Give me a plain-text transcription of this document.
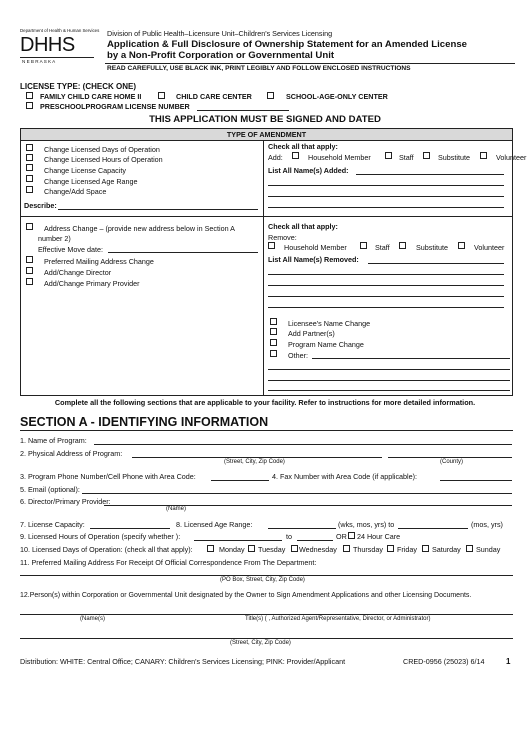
Department of Health & Human Services
DHHS
N E B R A S K A
Division of Public Health–Licensure Unit–Children's Services Licensing
Application & Full Disclosure of Ownership Statement for an Amended License
by a Non-Profit Corporation or Governmental Unit
READ CAREFULLY, USE BLACK INK, PRINT LEGIBLY AND FOLLOW ENCLOSED INSTRUCTIONS
LICENSE TYPE: (CHECK ONE)
FAMILY CHILD CARE HOME II	CHILD CARE CENTER	SCHOOL-AGE-ONLY CENTER
PRESCHOOLPROGRAM LICENSE NUMBER
THIS APPLICATION MUST BE SIGNED AND DATED
TYPE OF AMENDMENT
Change Licensed Days of Operation
Change Licensed Hours of Operation
Change License Capacity
Change Licensed Age Range
Change/Add Space
Describe:
Address Change – (provide new address below in Section A
number 2)
Effective Move date:
Preferred Mailing Address Change
Add/Change Director
Add/Change Primary Provider
Check all that apply:
Add:	Household Member	Staff	Substitute	Volunteer
List All Name(s) Added:
Check all that apply:
Remove:
Household Member	Staff	Substitute	Volunteer
List All Name(s) Removed:
Licensee's Name Change
Add Partner(s)
Program Name Change
Other:
Complete all the following sections that are applicable to your facility. Refer to instructions for more detailed information.
SECTION A - IDENTIFYING INFORMATION
1. Name of Program:
2. Physical Address of Program:
(Street, City, Zip Code)	(County)
3. Program Phone Number/Cell Phone with Area Code:	4. Fax Number with Area Code (if applicable):
5. Email (optional):
6. Director/Primary Provider:
(Name)
7. License Capacity:	8. Licensed Age Range:	(wks, mos, yrs) to	(mos, yrs)
9. Licensed Hours of Operation (specify whether ):	to	OR 24 Hour Care
10. Licensed Days of Operation: (check all that apply):	Monday Tuesday Wednesday Thursday Friday Saturday Sunday
11. Preferred Mailing Address For Receipt Of Official Correspondence From The Department:
(PO Box, Street, City, Zip Code)
12.Person(s) within Corporation or Governmental Unit designated by the Owner to Sign Amendment Applications and other Licensing Documents.
(Name(s)	Title(s) ( , Authorized Agent/Representative, Director, or Administrator)
(Street, City, Zip Code)
Distribution: WHITE: Central Office; CANARY: Children's Services Licensing; PINK: Provider/Applicant	CRED-0956 (25023) 6/14	1
